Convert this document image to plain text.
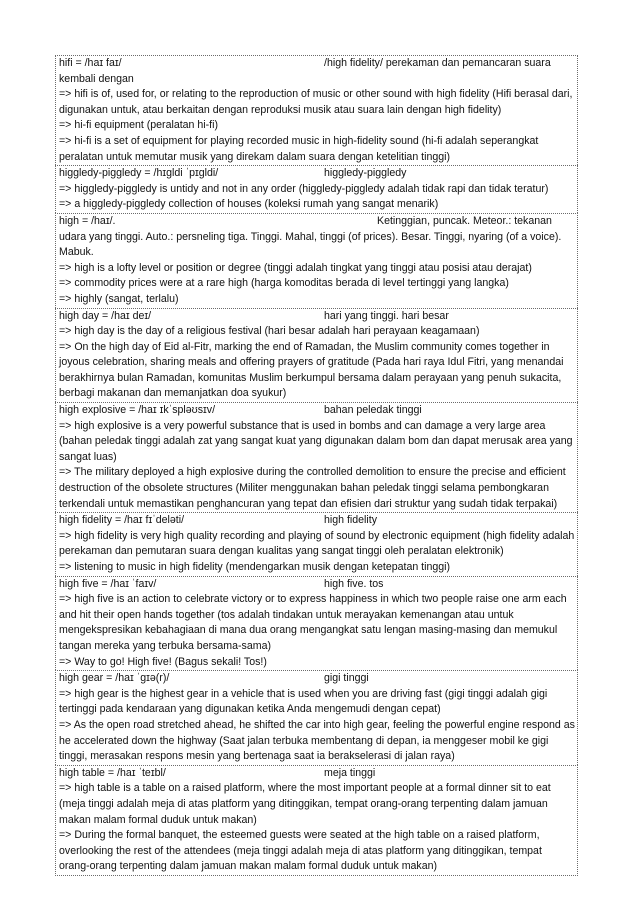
hifi = /haɪ faɪ/	/high fidelity/ perekaman dan pemancaran suara kembali dengan

=> hifi is of, used for, or relating to the reproduction of music or other sound with high fidelity (Hifi berasal dari, digunakan untuk, atau berkaitan dengan reproduksi musik atau suara lain dengan high fidelity)

=> hi-fi equipment (peralatan hi-fi)

=> hi-fi is a set of equipment for playing recorded music in high-fidelity sound (hi-fi adalah seperangkat peralatan untuk memutar musik yang direkam dalam suara dengan ketelitian tinggi)

higgledy-piggledy = /hɪɡldi ˈpɪɡldi/	higgledy-piggledy

=> higgledy-piggledy is untidy and not in any order (higgledy-piggledy adalah tidak rapi dan tidak teratur)

=> a higgledy-piggledy collection of houses (koleksi rumah yang sangat menarik)

high = /haɪ/.	Ketinggian, puncak. Meteor.: tekanan udara yang tinggi. Auto.: persneling tiga. Tinggi. Mahal, tinggi (of prices). Besar. Tinggi, nyaring (of a voice). Mabuk.

=> high is a lofty level or position or degree (tinggi adalah tingkat yang tinggi atau posisi atau derajat)

=> commodity prices were at a rare high (harga komoditas berada di level tertinggi yang langka)

=> highly (sangat, terlalu)

high day = /haɪ deɪ/	hari yang tinggi. hari besar

=> high day is the day of a religious festival (hari besar adalah hari perayaan keagamaan)

=> On the high day of Eid al-Fitr, marking the end of Ramadan, the Muslim community comes together in joyous celebration, sharing meals and offering prayers of gratitude (Pada hari raya Idul Fitri, yang menandai berakhirnya bulan Ramadan, komunitas Muslim berkumpul bersama dalam perayaan yang penuh sukacita, berbagi makanan dan memanjatkan doa syukur)

high explosive = /haɪ ɪkˈspləʊsɪv/	bahan peledak tinggi

=> high explosive is a very powerful substance that is used in bombs and can damage a very large area (bahan peledak tinggi adalah zat yang sangat kuat yang digunakan dalam bom dan dapat merusak area yang sangat luas)

=> The military deployed a high explosive during the controlled demolition to ensure the precise and efficient destruction of the obsolete structures (Militer menggunakan bahan peledak tinggi selama pembongkaran terkendali untuk memastikan penghancuran yang tepat dan efisien dari struktur yang sudah tidak terpakai)

high fidelity = /haɪ fɪˈdeləti/	high fidelity

=> high fidelity is very high quality recording and playing of sound by electronic equipment (high fidelity adalah perekaman dan pemutaran suara dengan kualitas yang sangat tinggi oleh peralatan elektronik)

=> listening to music in high fidelity (mendengarkan musik dengan ketepatan tinggi)

high five = /haɪ ˈfaɪv/	high five. tos

=> high five is an action to celebrate victory or to express happiness in which two people raise one arm each and hit their open hands together (tos adalah tindakan untuk merayakan kemenangan atau untuk mengekspresikan kebahagiaan di mana dua orang mengangkat satu lengan masing-masing dan memukul tangan mereka yang terbuka bersama-sama)

=> Way to go! High five! (Bagus sekali! Tos!)

high gear = /haɪ ˈɡɪə(r)/	gigi tinggi

=> high gear is the highest gear in a vehicle that is used when you are driving fast (gigi tinggi adalah gigi tertinggi pada kendaraan yang digunakan ketika Anda mengemudi dengan cepat)

=> As the open road stretched ahead, he shifted the car into high gear, feeling the powerful engine respond as he accelerated down the highway (Saat jalan terbuka membentang di depan, ia menggeser mobil ke gigi tinggi, merasakan respons mesin yang bertenaga saat ia berakselerasi di jalan raya)

high table = /haɪ ˈteɪbl/	meja tinggi

=> high table is a table on a raised platform, where the most important people at a formal dinner sit to eat (meja tinggi adalah meja di atas platform yang ditinggikan, tempat orang-orang terpenting dalam jamuan makan malam formal duduk untuk makan)

=> During the formal banquet, the esteemed guests were seated at the high table on a raised platform, overlooking the rest of the attendees (meja tinggi adalah meja di atas platform yang ditinggikan, tempat orang-orang terpenting dalam jamuan makan malam formal duduk untuk makan)
